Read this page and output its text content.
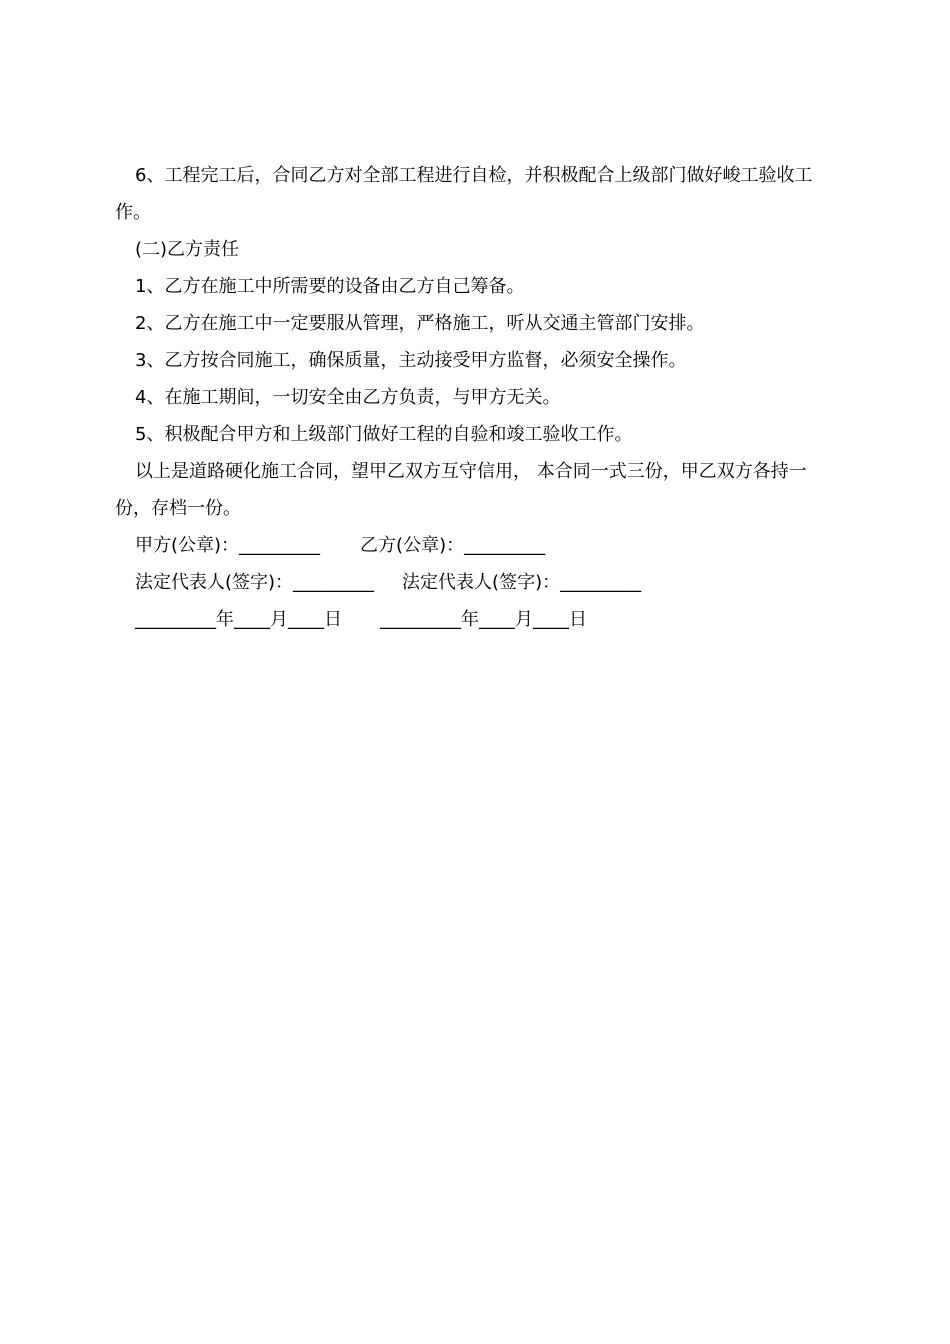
6、工程完工后，合同乙方对全部工程进行自检，并积极配合上级部门做好峻工验收工作。

(二)乙方责任

1、乙方在施工中所需要的设备由乙方自己筹备。

2、乙方在施工中一定要服从管理，严格施工，听从交通主管部门安排。

3、乙方按合同施工，确保质量，主动接受甲方监督，必须安全操作。

4、在施工期间，一切安全由乙方负责，与甲方无关。

5、积极配合甲方和上级部门做好工程的自验和竣工验收工作。

以上是道路硬化施工合同，望甲乙双方互守信用， 本合同一式三份，甲乙双方各持一份，存档一份。

甲方(公章)：_________ 乙方(公章)：_________
法定代表人(签字)：_________ 法定代表人(签字)：_________
_________年____月____日 _________年____月____日
